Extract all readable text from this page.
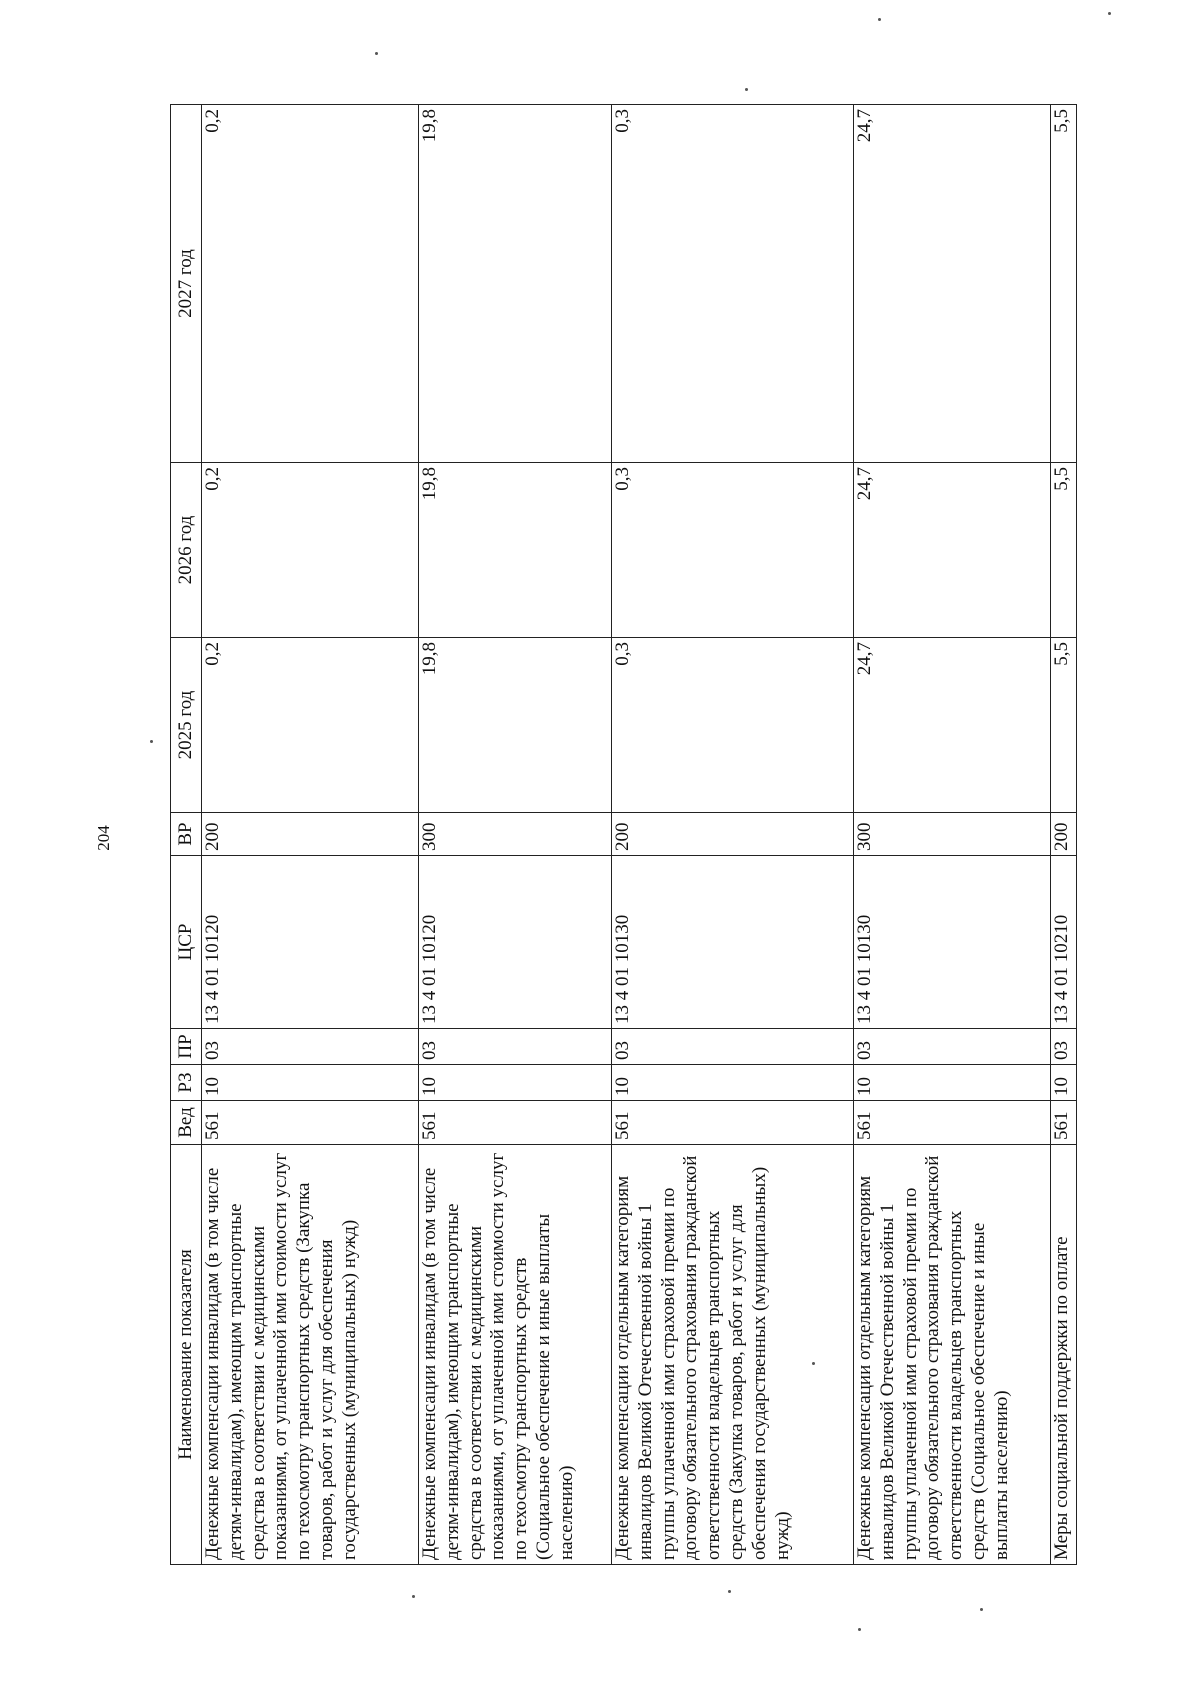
204
Наименование показателя	Вед	РЗ	ПР	ЦСР	ВР	2025 год	2026 год	2027 год
Денежные компенсации инвалидам (в том числе детям-инвалидам), имеющим транспортные средства в соответствии с медицинскими показаниями, от уплаченной ими стоимости услуг по техосмотру транспортных средств (Закупка товаров, работ и услуг для обеспечения государственных (муниципальных) нужд)	561	10	03	13 4 01 10120	200	0,2	0,2	0,2
Денежные компенсации инвалидам (в том числе детям-инвалидам), имеющим транспортные средства в соответствии с медицинскими показаниями, от уплаченной ими стоимости услуг по техосмотру транспортных средств (Социальное обеспечение и иные выплаты населению)	561	10	03	13 4 01 10120	300	19,8	19,8	19,8
Денежные компенсации отдельным категориям инвалидов Великой Отечественной войны 1 группы уплаченной ими страховой премии по договору обязательного страхования гражданской ответственности владельцев транспортных средств (Закупка товаров, работ и услуг для обеспечения государственных (муниципальных) нужд)	561	10	03	13 4 01 10130	200	0,3	0,3	0,3
Денежные компенсации отдельным категориям инвалидов Великой Отечественной войны 1 группы уплаченной ими страховой премии по договору обязательного страхования гражданской ответственности владельцев транспортных средств (Социальное обеспечение и иные выплаты населению)	561	10	03	13 4 01 10130	300	24,7	24,7	24,7
Меры социальной поддержки по оплате	561	10	03	13 4 01 10210	200	5,5	5,5	5,5
